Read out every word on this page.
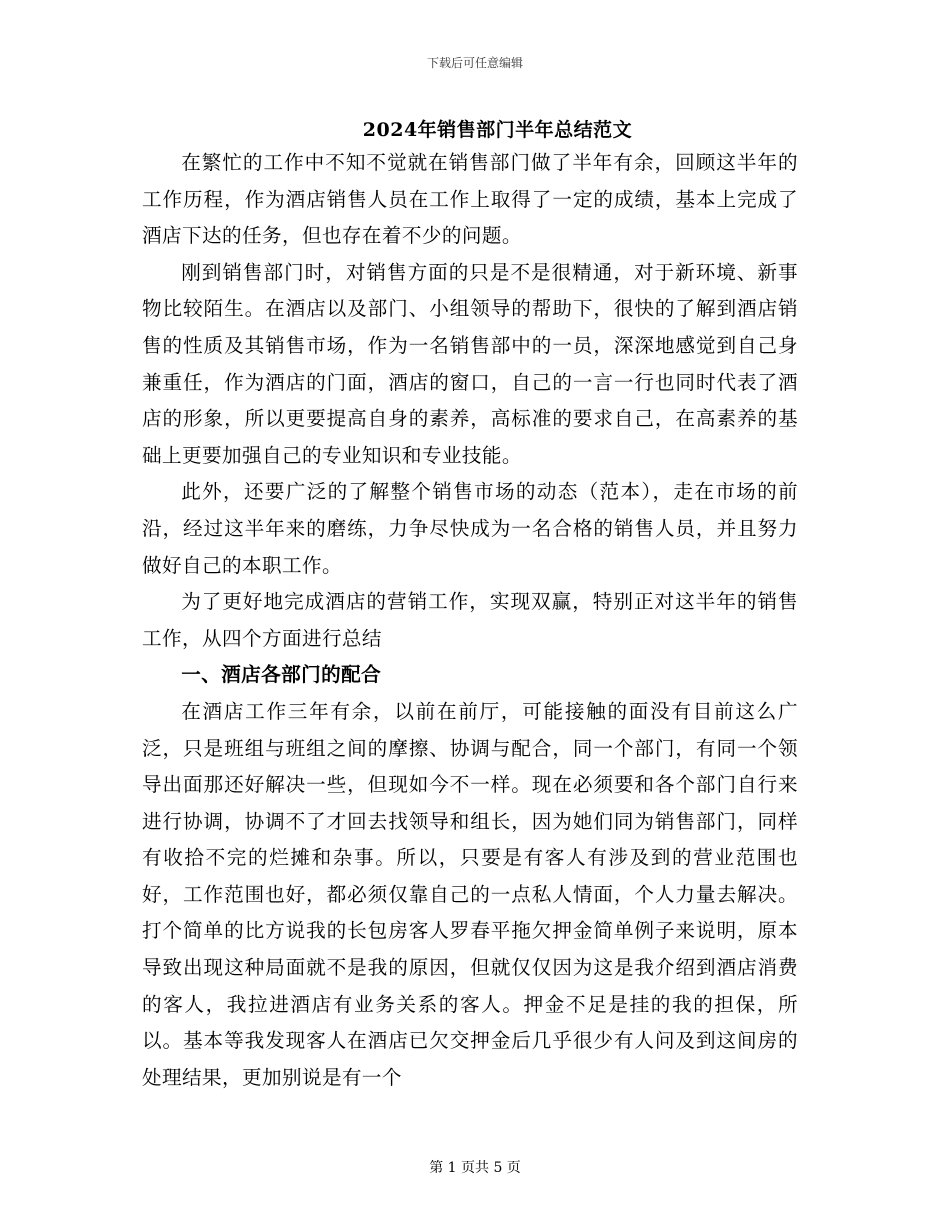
下载后可任意编辑
2024年销售部门半年总结范文

在繁忙的工作中不知不觉就在销售部门做了半年有余，回顾这半年的工作历程，作为酒店销售人员在工作上取得了一定的成绩，基本上完成了酒店下达的任务，但也存在着不少的问题。

刚到销售部门时，对销售方面的只是不是很精通，对于新环境、新事物比较陌生。在酒店以及部门、小组领导的帮助下，很快的了解到酒店销售的性质及其销售市场，作为一名销售部中的一员，深深地感觉到自己身兼重任，作为酒店的门面，酒店的窗口，自己的一言一行也同时代表了酒店的形象，所以更要提高自身的素养，高标准的要求自己，在高素养的基础上更要加强自己的专业知识和专业技能。

此外，还要广泛的了解整个销售市场的动态（范本），走在市场的前沿，经过这半年来的磨练，力争尽快成为一名合格的销售人员，并且努力做好自己的本职工作。

为了更好地完成酒店的营销工作，实现双赢，特别正对这半年的销售工作，从四个方面进行总结

一、酒店各部门的配合

在酒店工作三年有余，以前在前厅，可能接触的面没有目前这么广泛，只是班组与班组之间的摩擦、协调与配合，同一个部门，有同一个领导出面那还好解决一些，但现如今不一样。现在必须要和各个部门自行来进行协调，协调不了才回去找领导和组长，因为她们同为销售部门，同样有收拾不完的烂摊和杂事。所以，只要是有客人有涉及到的营业范围也好，工作范围也好，都必须仅靠自己的一点私人情面，个人力量去解决。打个简单的比方说我的长包房客人罗春平拖欠押金简单例子来说明，原本导致出现这种局面就不是我的原因，但就仅仅因为这是我介绍到酒店消费的客人，我拉进酒店有业务关系的客人。押金不足是挂的我的担保，所以。基本等我发现客人在酒店已欠交押金后几乎很少有人问及到这间房的处理结果，更加别说是有一个

第 1 页共 5 页
